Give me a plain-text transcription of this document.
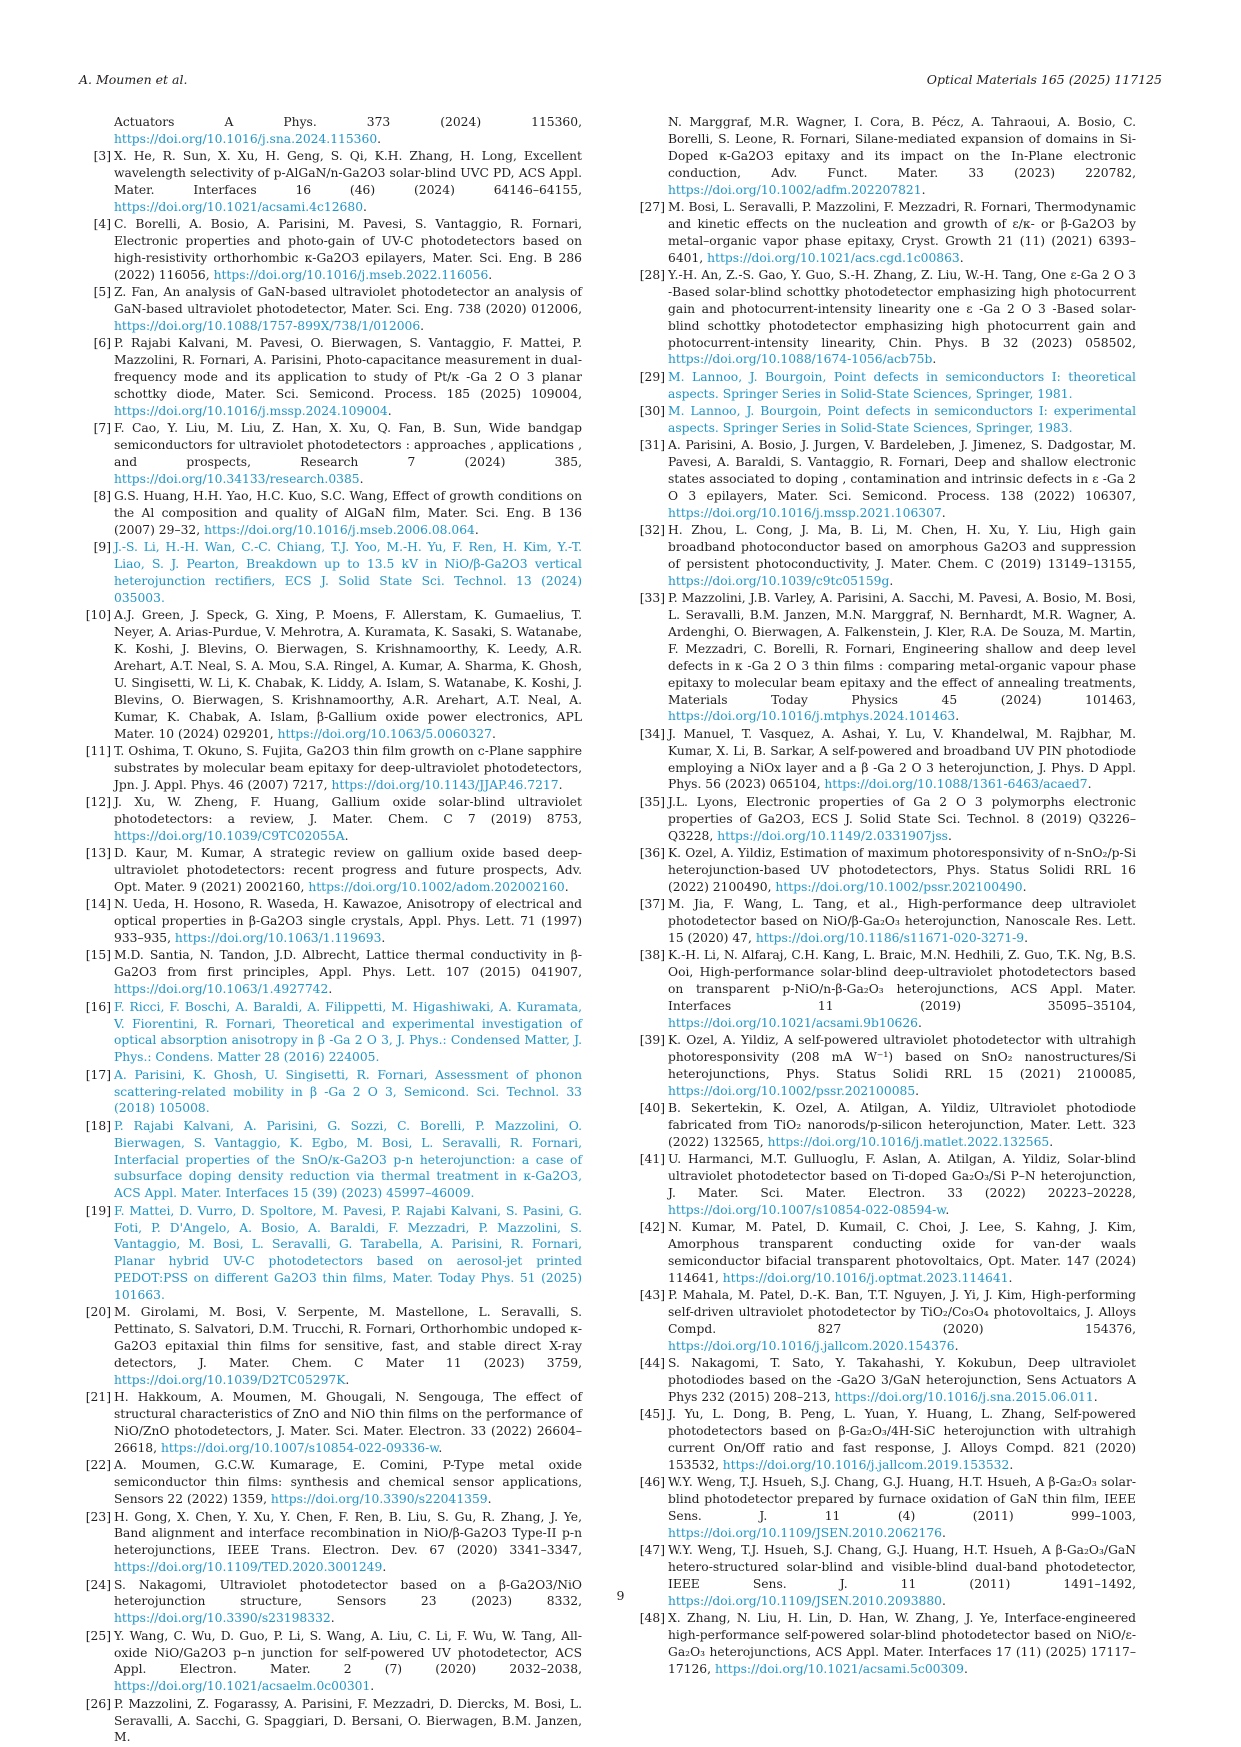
A. Moumen et al.	Optical Materials 165 (2025) 117125
Actuators A Phys. 373 (2024) 115360, https://doi.org/10.1016/j.sna.2024.115360.
[3] X. He, R. Sun, X. Xu, H. Geng, S. Qi, K.H. Zhang, H. Long, Excellent wavelength selectivity of p-AlGaN/n-Ga2O3 solar-blind UVC PD, ACS Appl. Mater. Interfaces 16 (46) (2024) 64146–64155, https://doi.org/10.1021/acsami.4c12680.
[4] C. Borelli, A. Bosio, A. Parisini, M. Pavesi, S. Vantaggio, R. Fornari, Electronic properties and photo-gain of UV-C photodetectors based on high-resistivity orthorhombic κ-Ga2O3 epilayers, Mater. Sci. Eng. B 286 (2022) 116056, https://doi.org/10.1016/j.mseb.2022.116056.
[5] Z. Fan, An analysis of GaN-based ultraviolet photodetector an analysis of GaN-based ultraviolet photodetector, Mater. Sci. Eng. 738 (2020) 012006, https://doi.org/10.1088/1757-899X/738/1/012006.
[6] P. Rajabi Kalvani, M. Pavesi, O. Bierwagen, S. Vantaggio, F. Mattei, P. Mazzolini, R. Fornari, A. Parisini, Photo-capacitance measurement in dual-frequency mode and its application to study of Pt/κ -Ga 2 O 3 planar schottky diode, Mater. Sci. Semicond. Process. 185 (2025) 109004, https://doi.org/10.1016/j.mssp.2024.109004.
[7] F. Cao, Y. Liu, M. Liu, Z. Han, X. Xu, Q. Fan, B. Sun, Wide bandgap semiconductors for ultraviolet photodetectors : approaches , applications , and prospects, Research 7 (2024) 385, https://doi.org/10.34133/research.0385.
[8] G.S. Huang, H.H. Yao, H.C. Kuo, S.C. Wang, Effect of growth conditions on the Al composition and quality of AlGaN film, Mater. Sci. Eng. B 136 (2007) 29–32, https://doi.org/10.1016/j.mseb.2006.08.064.
[9] J.-S. Li, H.-H. Wan, C.-C. Chiang, T.J. Yoo, M.-H. Yu, F. Ren, H. Kim, Y.-T. Liao, S. J. Pearton, Breakdown up to 13.5 kV in NiO/β-Ga2O3 vertical heterojunction rectifiers, ECS J. Solid State Sci. Technol. 13 (2024) 035003.
[10] A.J. Green, J. Speck, G. Xing, P. Moens, F. Allerstam, K. Gumaelius, T. Neyer, A. Arias-Purdue, V. Mehrotra, A. Kuramata, K. Sasaki, S. Watanabe, K. Koshi, J. Blevins, O. Bierwagen, S. Krishnamoorthy, K. Leedy, A.R. Arehart, A.T. Neal, S. A. Mou, S.A. Ringel, A. Kumar, A. Sharma, K. Ghosh, U. Singisetti, W. Li, K. Chabak, K. Liddy, A. Islam, S. Watanabe, K. Koshi, J. Blevins, O. Bierwagen, S. Krishnamoorthy, A.R. Arehart, A.T. Neal, A. Kumar, K. Chabak, A. Islam, β-Gallium oxide power electronics, APL Mater. 10 (2024) 029201, https://doi.org/10.1063/5.0060327.
[11] T. Oshima, T. Okuno, S. Fujita, Ga2O3 thin film growth on c-Plane sapphire substrates by molecular beam epitaxy for deep-ultraviolet photodetectors, Jpn. J. Appl. Phys. 46 (2007) 7217, https://doi.org/10.1143/JJAP.46.7217.
[12] J. Xu, W. Zheng, F. Huang, Gallium oxide solar-blind ultraviolet photodetectors: a review, J. Mater. Chem. C 7 (2019) 8753, https://doi.org/10.1039/C9TC02055A.
[13] D. Kaur, M. Kumar, A strategic review on gallium oxide based deep-ultraviolet photodetectors: recent progress and future prospects, Adv. Opt. Mater. 9 (2021) 2002160, https://doi.org/10.1002/adom.202002160.
[14] N. Ueda, H. Hosono, R. Waseda, H. Kawazoe, Anisotropy of electrical and optical properties in β-Ga2O3 single crystals, Appl. Phys. Lett. 71 (1997) 933–935, https://doi.org/10.1063/1.119693.
[15] M.D. Santia, N. Tandon, J.D. Albrecht, Lattice thermal conductivity in β-Ga2O3 from first principles, Appl. Phys. Lett. 107 (2015) 041907, https://doi.org/10.1063/1.4927742.
[16] F. Ricci, F. Boschi, A. Baraldi, A. Filippetti, M. Higashiwaki, A. Kuramata, V. Fiorentini, R. Fornari, Theoretical and experimental investigation of optical absorption anisotropy in β -Ga 2 O 3, J. Phys.: Condensed Matter, J. Phys.: Condens. Matter 28 (2016) 224005.
[17] A. Parisini, K. Ghosh, U. Singisetti, R. Fornari, Assessment of phonon scattering-related mobility in β -Ga 2 O 3, Semicond. Sci. Technol. 33 (2018) 105008.
[18] P. Rajabi Kalvani, A. Parisini, G. Sozzi, C. Borelli, P. Mazzolini, O. Bierwagen, S. Vantaggio, K. Egbo, M. Bosi, L. Seravalli, R. Fornari, Interfacial properties of the SnO/κ-Ga2O3 p-n heterojunction: a case of subsurface doping density reduction via thermal treatment in κ-Ga2O3, ACS Appl. Mater. Interfaces 15 (39) (2023) 45997–46009.
[19] F. Mattei, D. Vurro, D. Spoltore, M. Pavesi, P. Rajabi Kalvani, S. Pasini, G. Foti, P. D'Angelo, A. Bosio, A. Baraldi, F. Mezzadri, P. Mazzolini, S. Vantaggio, M. Bosi, L. Seravalli, G. Tarabella, A. Parisini, R. Fornari, Planar hybrid UV-C photodetectors based on aerosol-jet printed PEDOT:PSS on different Ga2O3 thin films, Mater. Today Phys. 51 (2025) 101663.
[20] M. Girolami, M. Bosi, V. Serpente, M. Mastellone, L. Seravalli, S. Pettinato, S. Salvatori, D.M. Trucchi, R. Fornari, Orthorhombic undoped κ-Ga2O3 epitaxial thin films for sensitive, fast, and stable direct X-ray detectors, J. Mater. Chem. C Mater 11 (2023) 3759, https://doi.org/10.1039/D2TC05297K.
[21] H. Hakkoum, A. Moumen, M. Ghougali, N. Sengouga, The effect of structural characteristics of ZnO and NiO thin films on the performance of NiO/ZnO photodetectors, J. Mater. Sci. Mater. Electron. 33 (2022) 26604–26618, https://doi.org/10.1007/s10854-022-09336-w.
[22] A. Moumen, G.C.W. Kumarage, E. Comini, P-Type metal oxide semiconductor thin films: synthesis and chemical sensor applications, Sensors 22 (2022) 1359, https://doi.org/10.3390/s22041359.
[23] H. Gong, X. Chen, Y. Xu, Y. Chen, F. Ren, B. Liu, S. Gu, R. Zhang, J. Ye, Band alignment and interface recombination in NiO/β-Ga2O3 Type-II p-n heterojunctions, IEEE Trans. Electron. Dev. 67 (2020) 3341–3347, https://doi.org/10.1109/TED.2020.3001249.
[24] S. Nakagomi, Ultraviolet photodetector based on a β-Ga2O3/NiO heterojunction structure, Sensors 23 (2023) 8332, https://doi.org/10.3390/s23198332.
[25] Y. Wang, C. Wu, D. Guo, P. Li, S. Wang, A. Liu, C. Li, F. Wu, W. Tang, All-oxide NiO/Ga2O3 p–n junction for self-powered UV photodetector, ACS Appl. Electron. Mater. 2 (7) (2020) 2032–2038, https://doi.org/10.1021/acsaelm.0c00301.
[26] P. Mazzolini, Z. Fogarassy, A. Parisini, F. Mezzadri, D. Diercks, M. Bosi, L. Seravalli, A. Sacchi, G. Spaggiari, D. Bersani, O. Bierwagen, B.M. Janzen, M.
N. Marggraf, M.R. Wagner, I. Cora, B. Pécz, A. Tahraoui, A. Bosio, C. Borelli, S. Leone, R. Fornari, Silane-mediated expansion of domains in Si-Doped κ-Ga2O3 epitaxy and its impact on the In-Plane electronic conduction, Adv. Funct. Mater. 33 (2023) 220782, https://doi.org/10.1002/adfm.202207821.
[27] M. Bosi, L. Seravalli, P. Mazzolini, F. Mezzadri, R. Fornari, Thermodynamic and kinetic effects on the nucleation and growth of ε/κ- or β-Ga2O3 by metal–organic vapor phase epitaxy, Cryst. Growth 21 (11) (2021) 6393–6401, https://doi.org/10.1021/acs.cgd.1c00863.
[28] Y.-H. An, Z.-S. Gao, Y. Guo, S.-H. Zhang, Z. Liu, W.-H. Tang, One ε-Ga 2 O 3 -Based solar-blind schottky photodetector emphasizing high photocurrent gain and photocurrent-intensity linearity one ε -Ga 2 O 3 -Based solar-blind schottky photodetector emphasizing high photocurrent gain and photocurrent-intensity linearity, Chin. Phys. B 32 (2023) 058502, https://doi.org/10.1088/1674-1056/acb75b.
[29] M. Lannoo, J. Bourgoin, Point defects in semiconductors I: theoretical aspects. Springer Series in Solid-State Sciences, Springer, 1981.
[30] M. Lannoo, J. Bourgoin, Point defects in semiconductors I: experimental aspects. Springer Series in Solid-State Sciences, Springer, 1983.
[31] A. Parisini, A. Bosio, J. Jurgen, V. Bardeleben, J. Jimenez, S. Dadgostar, M. Pavesi, A. Baraldi, S. Vantaggio, R. Fornari, Deep and shallow electronic states associated to doping , contamination and intrinsic defects in ε -Ga 2 O 3 epilayers, Mater. Sci. Semicond. Process. 138 (2022) 106307, https://doi.org/10.1016/j.mssp.2021.106307.
[32] H. Zhou, L. Cong, J. Ma, B. Li, M. Chen, H. Xu, Y. Liu, High gain broadband photoconductor based on amorphous Ga2O3 and suppression of persistent photoconductivity, J. Mater. Chem. C (2019) 13149–13155, https://doi.org/10.1039/c9tc05159g.
[33] P. Mazzolini, J.B. Varley, A. Parisini, A. Sacchi, M. Pavesi, A. Bosio, M. Bosi, L. Seravalli, B.M. Janzen, M.N. Marggraf, N. Bernhardt, M.R. Wagner, A. Ardenghi, O. Bierwagen, A. Falkenstein, J. Kler, R.A. De Souza, M. Martin, F. Mezzadri, C. Borelli, R. Fornari, Engineering shallow and deep level defects in κ -Ga 2 O 3 thin films : comparing metal-organic vapour phase epitaxy to molecular beam epitaxy and the effect of annealing treatments, Materials Today Physics 45 (2024) 101463, https://doi.org/10.1016/j.mtphys.2024.101463.
[34] J. Manuel, T. Vasquez, A. Ashai, Y. Lu, V. Khandelwal, M. Rajbhar, M. Kumar, X. Li, B. Sarkar, A self-powered and broadband UV PIN photodiode employing a NiOx layer and a β -Ga 2 O 3 heterojunction, J. Phys. D Appl. Phys. 56 (2023) 065104, https://doi.org/10.1088/1361-6463/acaed7.
[35] J.L. Lyons, Electronic properties of Ga 2 O 3 polymorphs electronic properties of Ga2O3, ECS J. Solid State Sci. Technol. 8 (2019) Q3226–Q3228, https://doi.org/10.1149/2.0331907jss.
[36] K. Ozel, A. Yildiz, Estimation of maximum photoresponsivity of n-SnO₂/p-Si heterojunction-based UV photodetectors, Phys. Status Solidi RRL 16 (2022) 2100490, https://doi.org/10.1002/pssr.202100490.
[37] M. Jia, F. Wang, L. Tang, et al., High-performance deep ultraviolet photodetector based on NiO/β-Ga₂O₃ heterojunction, Nanoscale Res. Lett. 15 (2020) 47, https://doi.org/10.1186/s11671-020-3271-9.
[38] K.-H. Li, N. Alfaraj, C.H. Kang, L. Braic, M.N. Hedhili, Z. Guo, T.K. Ng, B.S. Ooi, High-performance solar-blind deep-ultraviolet photodetectors based on transparent p-NiO/n-β-Ga₂O₃ heterojunctions, ACS Appl. Mater. Interfaces 11 (2019) 35095–35104, https://doi.org/10.1021/acsami.9b10626.
[39] K. Ozel, A. Yildiz, A self-powered ultraviolet photodetector with ultrahigh photoresponsivity (208 mA W⁻¹) based on SnO₂ nanostructures/Si heterojunctions, Phys. Status Solidi RRL 15 (2021) 2100085, https://doi.org/10.1002/pssr.202100085.
[40] B. Sekertekin, K. Ozel, A. Atilgan, A. Yildiz, Ultraviolet photodiode fabricated from TiO₂ nanorods/p-silicon heterojunction, Mater. Lett. 323 (2022) 132565, https://doi.org/10.1016/j.matlet.2022.132565.
[41] U. Harmanci, M.T. Gulluoglu, F. Aslan, A. Atilgan, A. Yildiz, Solar-blind ultraviolet photodetector based on Ti-doped Ga₂O₃/Si P–N heterojunction, J. Mater. Sci. Mater. Electron. 33 (2022) 20223–20228, https://doi.org/10.1007/s10854-022-08594-w.
[42] N. Kumar, M. Patel, D. Kumail, C. Choi, J. Lee, S. Kahng, J. Kim, Amorphous transparent conducting oxide for van-der waals semiconductor bifacial transparent photovoltaics, Opt. Mater. 147 (2024) 114641, https://doi.org/10.1016/j.optmat.2023.114641.
[43] P. Mahala, M. Patel, D.-K. Ban, T.T. Nguyen, J. Yi, J. Kim, High-performing self-driven ultraviolet photodetector by TiO₂/Co₃O₄ photovoltaics, J. Alloys Compd. 827 (2020) 154376, https://doi.org/10.1016/j.jallcom.2020.154376.
[44] S. Nakagomi, T. Sato, Y. Takahashi, Y. Kokubun, Deep ultraviolet photodiodes based on the -Ga2O 3/GaN heterojunction, Sens Actuators A Phys 232 (2015) 208–213, https://doi.org/10.1016/j.sna.2015.06.011.
[45] J. Yu, L. Dong, B. Peng, L. Yuan, Y. Huang, L. Zhang, Self-powered photodetectors based on β-Ga₂O₃/4H-SiC heterojunction with ultrahigh current On/Off ratio and fast response, J. Alloys Compd. 821 (2020) 153532, https://doi.org/10.1016/j.jallcom.2019.153532.
[46] W.Y. Weng, T.J. Hsueh, S.J. Chang, G.J. Huang, H.T. Hsueh, A β-Ga₂O₃ solar-blind photodetector prepared by furnace oxidation of GaN thin film, IEEE Sens. J. 11 (4) (2011) 999–1003, https://doi.org/10.1109/JSEN.2010.2062176.
[47] W.Y. Weng, T.J. Hsueh, S.J. Chang, G.J. Huang, H.T. Hsueh, A β-Ga₂O₃/GaN hetero-structured solar-blind and visible-blind dual-band photodetector, IEEE Sens. J. 11 (2011) 1491–1492, https://doi.org/10.1109/JSEN.2010.2093880.
[48] X. Zhang, N. Liu, H. Lin, D. Han, W. Zhang, J. Ye, Interface-engineered high-performance self-powered solar-blind photodetector based on NiO/ε-Ga₂O₃ heterojunctions, ACS Appl. Mater. Interfaces 17 (11) (2025) 17117–17126, https://doi.org/10.1021/acsami.5c00309.
9
